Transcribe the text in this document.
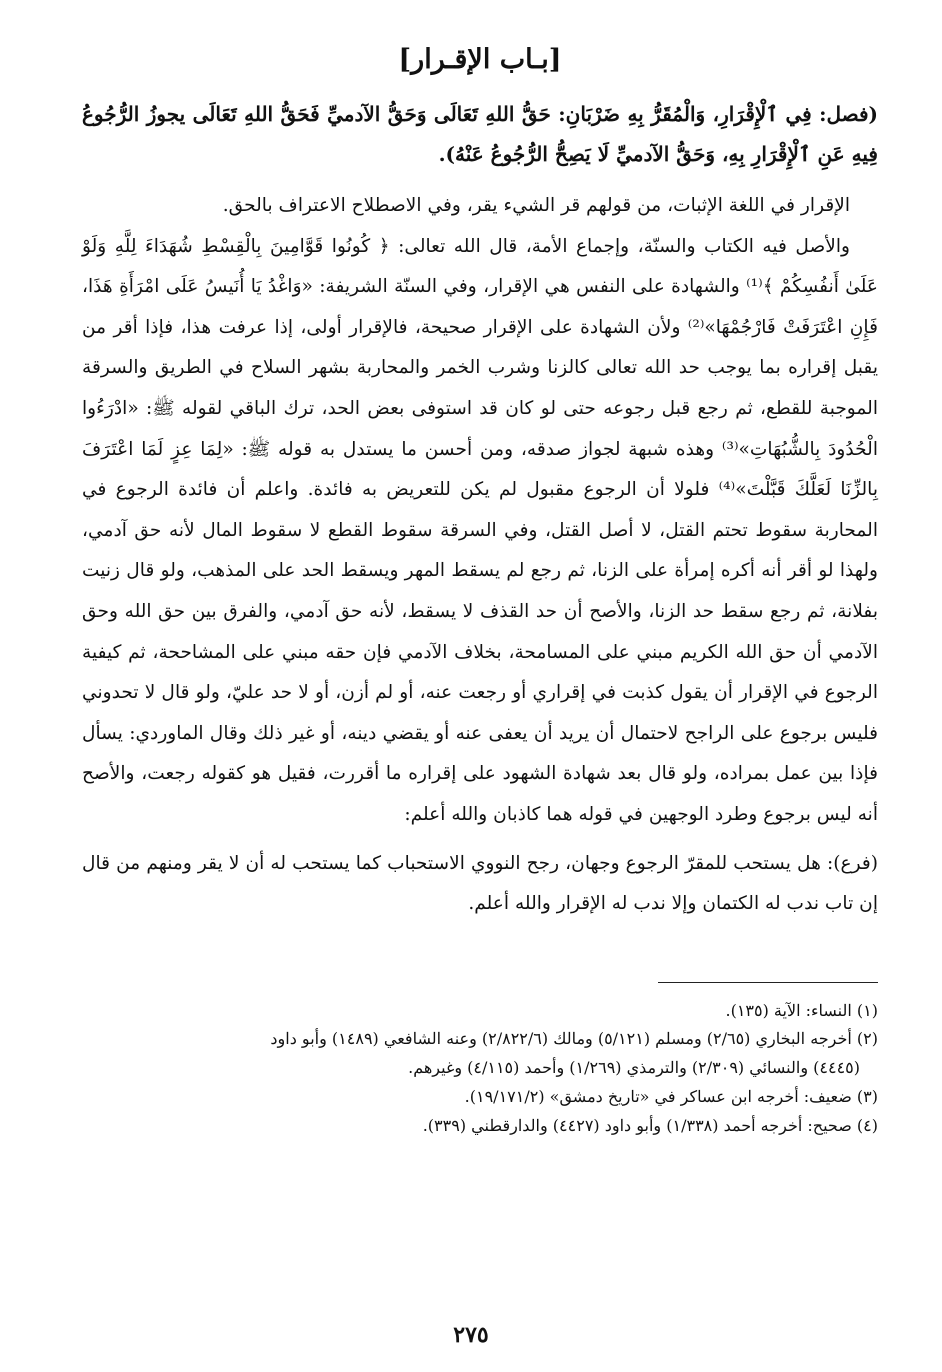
[بـاب الإقـرار]
(فصل: فِي ٱلْإِقْرَارِ، وَالْمُقَرُّ بِهِ ضَرْبَانِ: حَقُّ اللهِ تَعَالَى وَحَقُّ الآدميِّ فَحَقُّ اللهِ تَعَالَى يجوزُ الرُّجُوعُ فِيهِ عَنِ ٱلْإِقْرَارِ بِهِ، وَحَقُّ الآدميِّ لَا يَصِحُّ الرُّجُوعُ عَنْهُ).

الإقرار في اللغة الإثبات، من قولهم قر الشيء يقر، وفي الاصطلاح الاعتراف بالحق.

والأصل فيه الكتاب والسنّة، وإجماع الأمة، قال الله تعالى: ﴿ كُونُوا قَوَّامِينَ بِالْقِسْطِ شُهَدَاءَ لِلَّهِ وَلَوْ عَلَىٰ أَنفُسِكُمْ ﴾⁽¹⁾ والشهادة على النفس هي الإقرار، وفي السنّة الشريفة: «وَاغْدُ يَا أُنَيسُ عَلَى امْرَأَةِ هَذَا، فَإِنِ اعْتَرَفَتْ فَارْجُمْهَا»⁽²⁾ ولأن الشهادة على الإقرار صحيحة، فالإقرار أولى، إذا عرفت هذا، فإذا أقر من يقبل إقراره بما يوجب حد الله تعالى كالزنا وشرب الخمر والمحاربة بشهر السلاح في الطريق والسرقة الموجبة للقطع، ثم رجع قبل رجوعه حتى لو كان قد استوفى بعض الحد، ترك الباقي لقوله ﷺ: «ادْرَءُوا الْحُدُودَ بِالشُّبُهَاتِ»⁽³⁾ وهذه شبهة لجواز صدقه، ومن أحسن ما يستدل به قوله ﷺ: «لِمَا عِزٍ لَمَا اعْتَرَفَ بِالزِّنَا لَعَلَّكَ قَبَّلْتَ»⁽⁴⁾ فلولا أن الرجوع مقبول لم يكن للتعريض به فائدة. واعلم أن فائدة الرجوع في المحاربة سقوط تحتم القتل، لا أصل القتل، وفي السرقة سقوط القطع لا سقوط المال لأنه حق آدمي، ولهذا لو أقر أنه أكره إمرأة على الزنا، ثم رجع لم يسقط المهر ويسقط الحد على المذهب، ولو قال زنيت بفلانة، ثم رجع سقط حد الزنا، والأصح أن حد القذف لا يسقط، لأنه حق آدمي، والفرق بين حق الله وحق الآدمي أن حق الله الكريم مبني على المسامحة، بخلاف الآدمي فإن حقه مبني على المشاححة، ثم كيفية الرجوع في الإقرار أن يقول كذبت في إقراري أو رجعت عنه، أو لم أزن، أو لا حد عليّ، ولو قال لا تحدوني فليس برجوع على الراجح لاحتمال أن يريد أن يعفى عنه أو يقضي دينه، أو غير ذلك وقال الماوردي: يسأل فإذا بين عمل بمراده، ولو قال بعد شهادة الشهود على إقراره ما أقررت، فقيل هو كقوله رجعت، والأصح أنه ليس برجوع وطرد الوجهين في قوله هما كاذبان والله أعلم:

(فرع): هل يستحب للمقرّ الرجوع وجهان، رجح النووي الاستحباب كما يستحب له أن لا يقر ومنهم من قال إن تاب ندب له الكتمان وإلا ندب له الإقرار والله أعلم.

(١) النساء: الآية (١٣٥).

(٢) أخرجه البخاري (٢/٦٥) ومسلم (٥/١٢١) ومالك (٢/٨٢٢/٦) وعنه الشافعي (١٤٨٩) وأبو داود

(٤٤٤٥) والنسائي (٢/٣٠٩) والترمذي (١/٢٦٩) وأحمد (٤/١١٥) وغيرهم.

(٣) ضعيف: أخرجه ابن عساكر في «تاريخ دمشق» (١٩/١٧١/٢).

(٤) صحيح: أخرجه أحمد (١/٣٣٨) وأبو داود (٤٤٢٧) والدارقطني (٣٣٩).

٢٧٥
